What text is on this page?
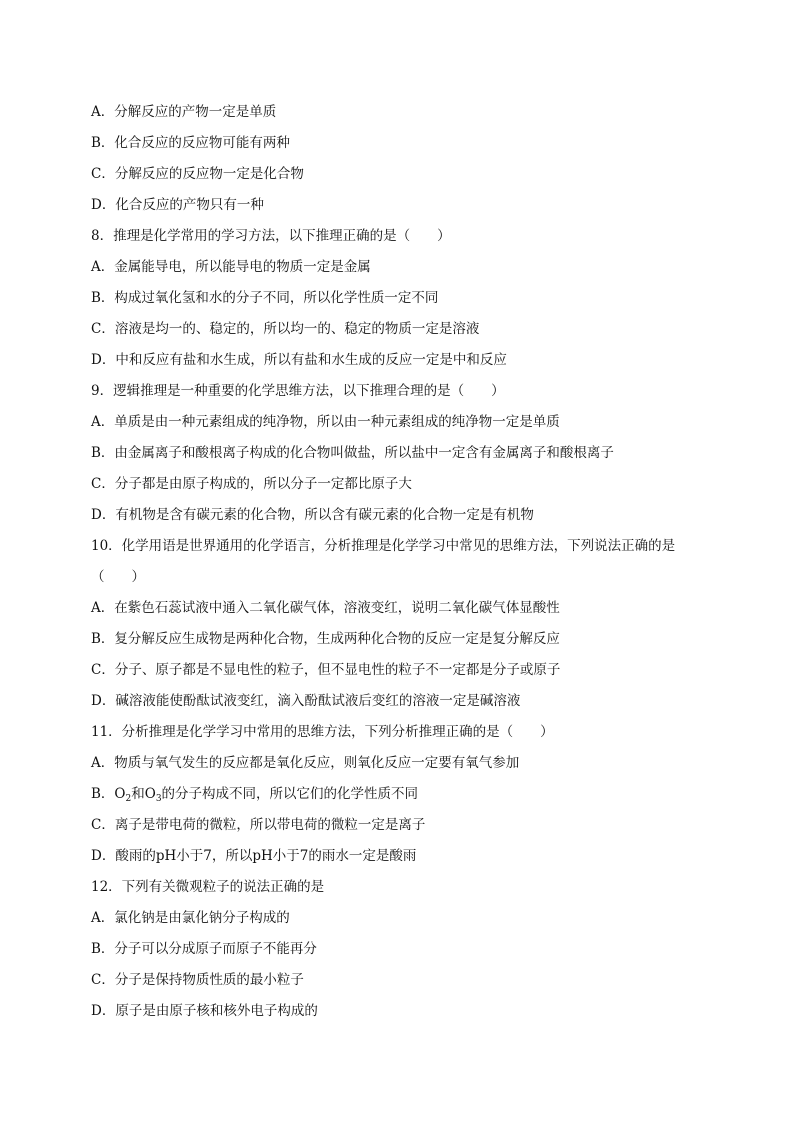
A．分解反应的产物一定是单质
B．化合反应的反应物可能有两种
C．分解反应的反应物一定是化合物
D．化合反应的产物只有一种
8．推理是化学常用的学习方法，以下推理正确的是（　　）
A．金属能导电，所以能导电的物质一定是金属
B．构成过氧化氢和水的分子不同，所以化学性质一定不同
C．溶液是均一的、稳定的，所以均一的、稳定的物质一定是溶液
D．中和反应有盐和水生成，所以有盐和水生成的反应一定是中和反应
9．逻辑推理是一种重要的化学思维方法，以下推理合理的是（　　）
A．单质是由一种元素组成的纯净物，所以由一种元素组成的纯净物一定是单质
B．由金属离子和酸根离子构成的化合物叫做盐，所以盐中一定含有金属离子和酸根离子
C．分子都是由原子构成的，所以分子一定都比原子大
D．有机物是含有碳元素的化合物，所以含有碳元素的化合物一定是有机物
10．化学用语是世界通用的化学语言，分析推理是化学学习中常见的思维方法，下列说法正确的是
（　　）
A．在紫色石蕊试液中通入二氧化碳气体，溶液变红，说明二氧化碳气体显酸性
B．复分解反应生成物是两种化合物，生成两种化合物的反应一定是复分解反应
C．分子、原子都是不显电性的粒子，但不显电性的粒子不一定都是分子或原子
D．碱溶液能使酚酞试液变红，滴入酚酞试液后变红的溶液一定是碱溶液
11．分析推理是化学学习中常用的思维方法，下列分析推理正确的是（　　）
A．物质与氧气发生的反应都是氧化反应，则氧化反应一定要有氧气参加
B．$O_2$和$O_3$的分子构成不同，所以它们的化学性质不同
C．离子是带电荷的微粒，所以带电荷的微粒一定是离子
D．酸雨的pH小于7，所以pH小于7的雨水一定是酸雨
12．下列有关微观粒子的说法正确的是
A．氯化钠是由氯化钠分子构成的
B．分子可以分成原子而原子不能再分
C．分子是保持物质性质的最小粒子
D．原子是由原子核和核外电子构成的
